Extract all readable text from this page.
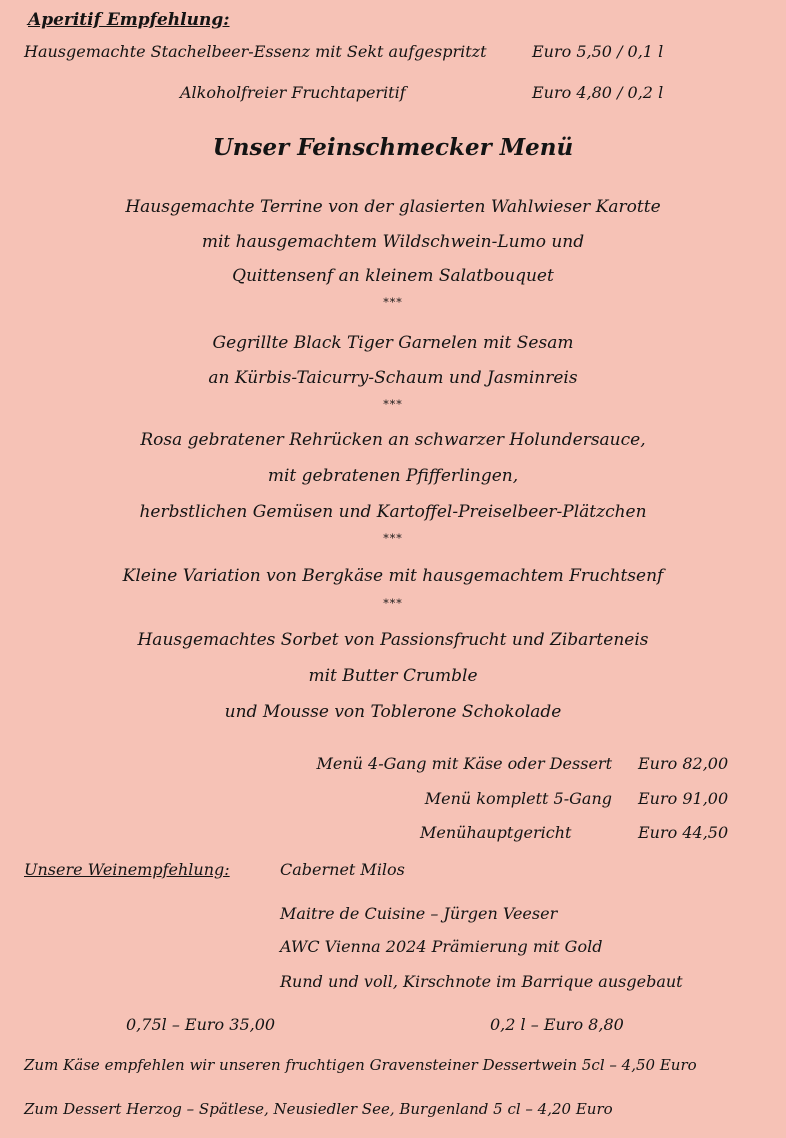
Aperitif Empfehlung:
Hausgemachte Stachelbeer-Essenz mit Sekt aufgespritzt	Euro 5,50 / 0,1 l
Alkoholfreier Fruchtaperitif	Euro 4,80 / 0,2 l
Unser Feinschmecker Menü
Hausgemachte Terrine von der glasierten Wahlwieser Karotte
mit hausgemachtem Wildschwein-Lumo und
Quittensenf an kleinem Salatbouquet
***
Gegrillte Black Tiger Garnelen mit Sesam
an Kürbis-Taicurry-Schaum und Jasminreis
***
Rosa gebratener Rehrücken an schwarzer Holundersauce,
mit gebratenen Pfifferlingen,
herbstlichen Gemüsen und Kartoffel-Preiselbeer-Plätzchen
***
Kleine Variation von Bergkäse mit hausgemachtem Fruchtsenf
***
Hausgemachtes Sorbet von Passionsfrucht und Zibarteneis
mit Butter Crumble
und Mousse von Toblerone Schokolade
Menü 4-Gang mit Käse oder Dessert Euro 82,00
Menü komplett 5-Gang Euro 91,00
Menühauptgericht	Euro 44,50
Unsere Weinempfehlung:	Cabernet Milos
Maitre de Cuisine – Jürgen Veeser
AWC Vienna 2024 Prämierung mit Gold
Rund und voll, Kirschnote im Barrique ausgebaut
0,75l – Euro 35,00	0,2 l – Euro 8,80
Zum Käse empfehlen wir unseren fruchtigen Gravensteiner Dessertwein 5cl – 4,50 Euro
Zum Dessert Herzog – Spätlese, Neusiedler See, Burgenland 5 cl – 4,20 Euro
